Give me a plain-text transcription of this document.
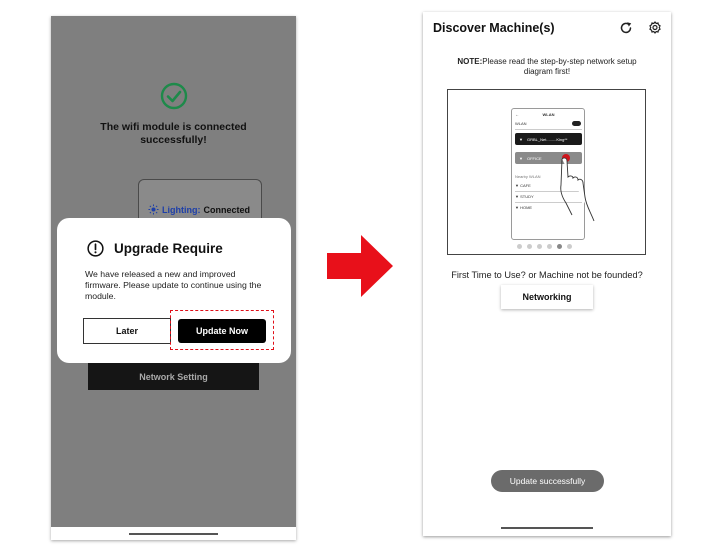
The wifi module is connected successfully!
Lighting: Connected
Upgrade Require
We have released a new and improved firmware. Please update to continue using the module.
Later	Update Now
Network Setting
Discover Machine(s)
NOTE:Please read the step-by-step network setup diagram first!
WLAN
←
WLAN
▼ GRBL_Net.........King**
▼ OFFICE
Nearby WLAN
▼ CAFE
▼ STUDY
▼ HOME
First Time to Use? or Machine not be founded?
Networking
Update successfully
